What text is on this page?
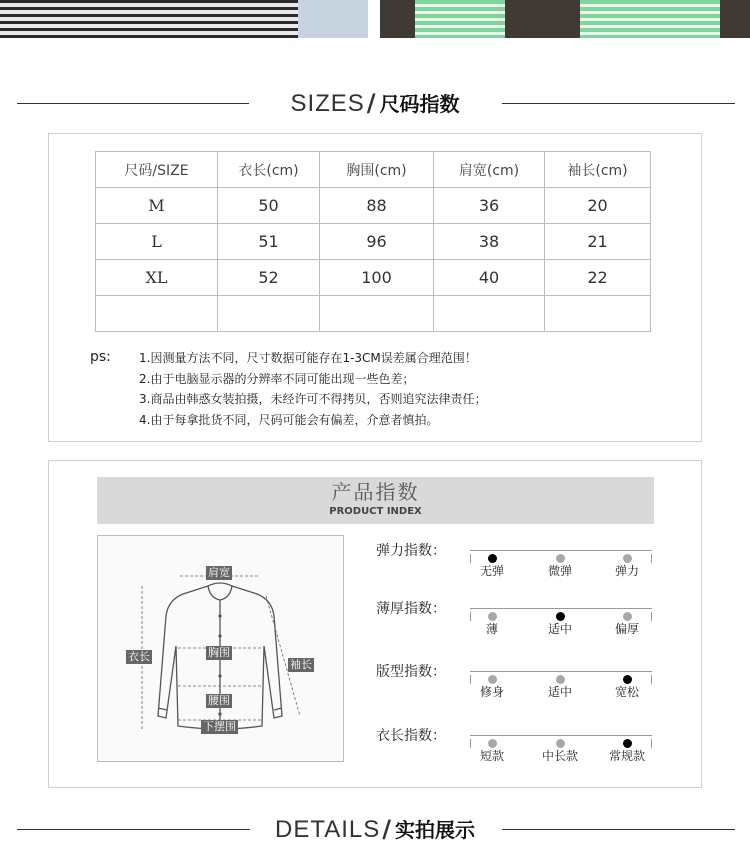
SIZES/ 尺码指数
尺码/SIZE	衣长(cm)	胸围(cm)	肩宽(cm)	袖长(cm)
M	50	88	36	20
L	51	96	38	21
XL	52	100	40	22

ps: 1.因测量方法不同，尺寸数据可能存在1-3CM误差属合理范围！
2.由于电脑显示器的分辨率不同可能出现一些色差；
3.商品由韩惑女装拍摄，未经许可不得拷贝，否则追究法律责任；
4.由于每拿批货不同，尺码可能会有偏差，介意者慎拍。
产品指数
PRODUCT INDEX
肩宽
衣长	胸围
袖长
腰围
下摆围
弹力指数：
无弹	微弹	弹力
薄厚指数：
薄	适中	偏厚
版型指数：
修身	适中	宽松
衣长指数：
短款	中长款	常规款
DETAILS/ 实拍展示
